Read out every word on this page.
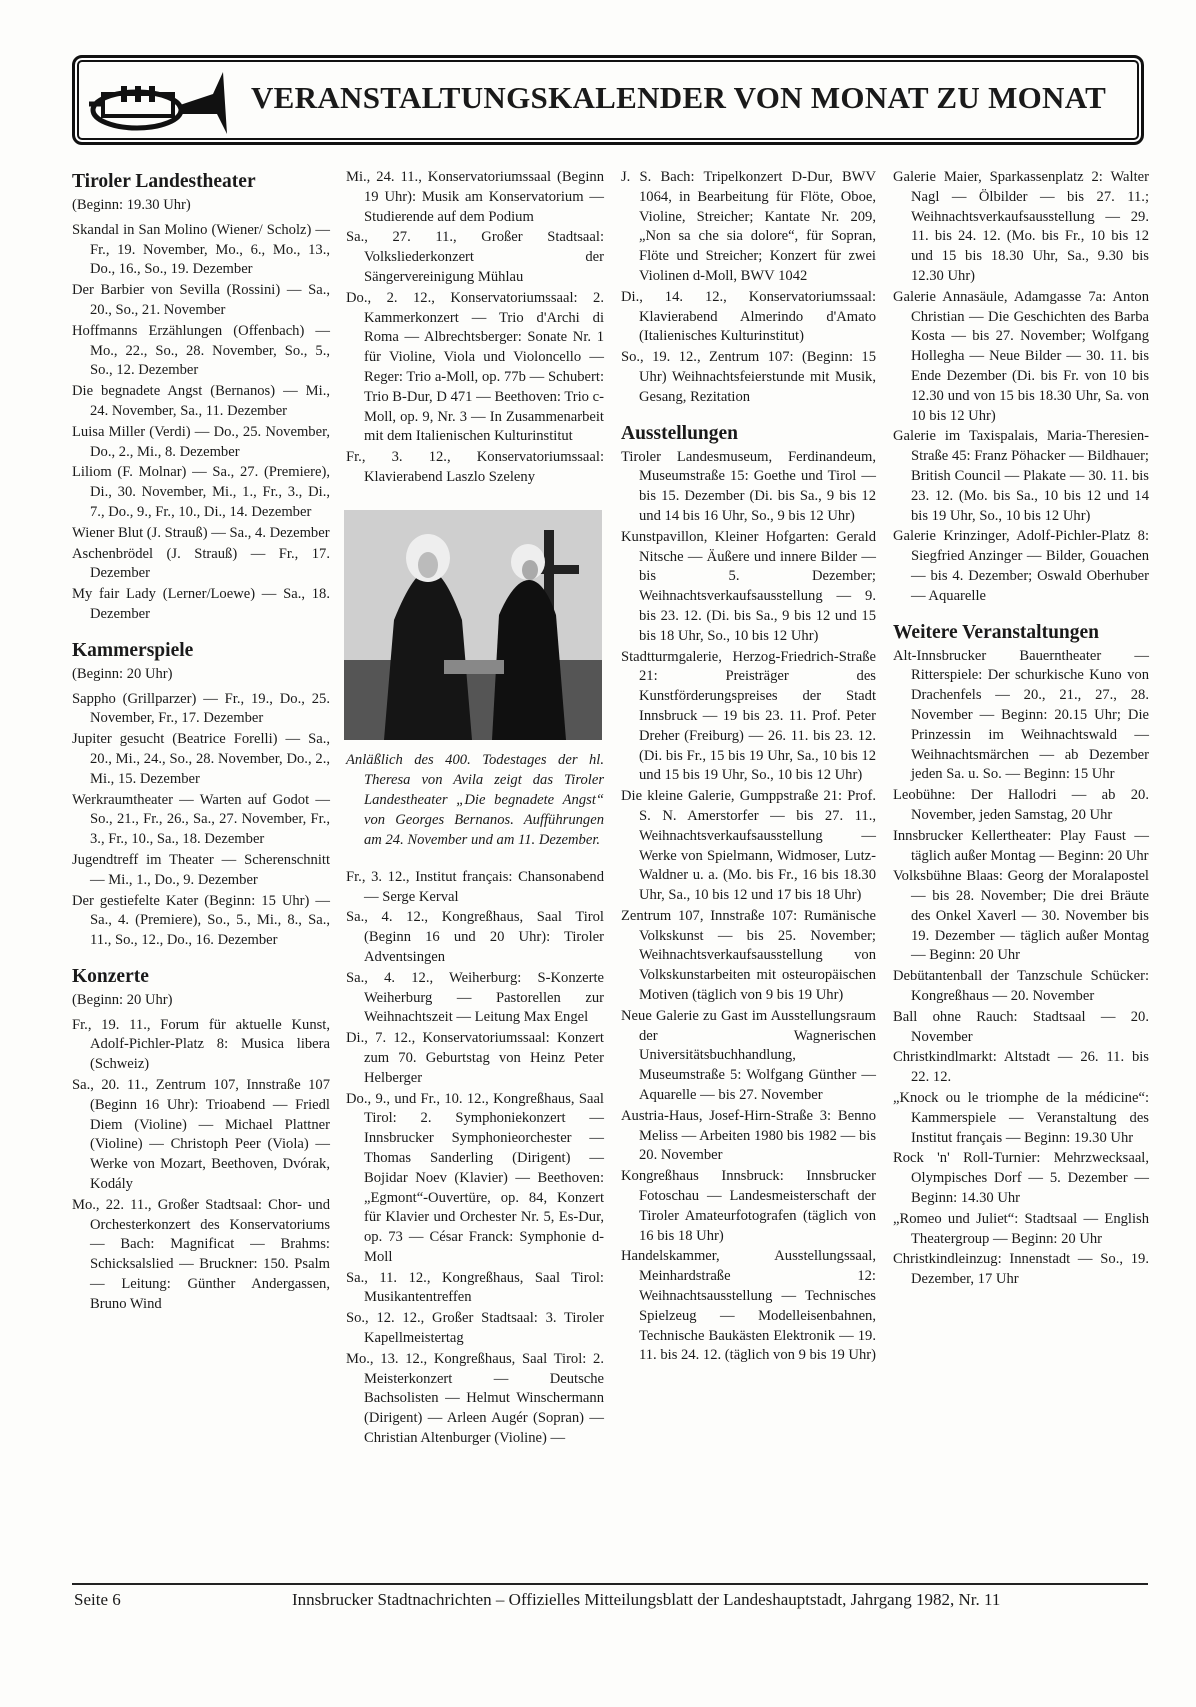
VERANSTALTUNGSKALENDER VON MONAT ZU MONAT
Tiroler Landestheater

(Beginn: 19.30 Uhr)

Skandal in San Molino (Wiener/ Scholz) — Fr., 19. November, Mo., 6., Mo., 13., Do., 16., So., 19. Dezember

Der Barbier von Sevilla (Rossini) — Sa., 20., So., 21. November

Hoffmanns Erzählungen (Offenbach) — Mo., 22., So., 28. November, So., 5., So., 12. Dezember

Die begnadete Angst (Bernanos) — Mi., 24. November, Sa., 11. Dezember

Luisa Miller (Verdi) — Do., 25. November, Do., 2., Mi., 8. Dezember

Liliom (F. Molnar) — Sa., 27. (Premiere), Di., 30. November, Mi., 1., Fr., 3., Di., 7., Do., 9., Fr., 10., Di., 14. Dezember

Wiener Blut (J. Strauß) — Sa., 4. Dezember

Aschenbrödel (J. Strauß) — Fr., 17. Dezember

My fair Lady (Lerner/Loewe) — Sa., 18. Dezember

Kammerspiele

(Beginn: 20 Uhr)

Sappho (Grillparzer) — Fr., 19., Do., 25. November, Fr., 17. Dezember

Jupiter gesucht (Beatrice Forelli) — Sa., 20., Mi., 24., So., 28. November, Do., 2., Mi., 15. Dezember

Werkraumtheater — Warten auf Godot — So., 21., Fr., 26., Sa., 27. November, Fr., 3., Fr., 10., Sa., 18. Dezember

Jugendtreff im Theater — Scherenschnitt — Mi., 1., Do., 9. Dezember

Der gestiefelte Kater (Beginn: 15 Uhr) — Sa., 4. (Premiere), So., 5., Mi., 8., Sa., 11., So., 12., Do., 16. Dezember

Konzerte

(Beginn: 20 Uhr)

Fr., 19. 11., Forum für aktuelle Kunst, Adolf-Pichler-Platz 8: Musica libera (Schweiz)

Sa., 20. 11., Zentrum 107, Innstraße 107 (Beginn 16 Uhr): Trioabend — Friedl Diem (Violine) — Michael Plattner (Violine) — Christoph Peer (Viola) — Werke von Mozart, Beethoven, Dvórak, Kodály

Mo., 22. 11., Großer Stadtsaal: Chor- und Orchesterkonzert des Konservatoriums — Bach: Magnificat — Brahms: Schicksalslied — Bruckner: 150. Psalm — Leitung: Günther Andergassen, Bruno Wind

Mi., 24. 11., Konservatoriumssaal (Beginn 19 Uhr): Musik am Konservatorium — Studierende auf dem Podium

Sa., 27. 11., Großer Stadtsaal: Volksliederkonzert der Sängervereinigung Mühlau

Do., 2. 12., Konservatoriumssaal: 2. Kammerkonzert — Trio d'Archi di Roma — Albrechtsberger: Sonate Nr. 1 für Violine, Viola und Violoncello — Reger: Trio a-Moll, op. 77b — Schubert: Trio B-Dur, D 471 — Beethoven: Trio c-Moll, op. 9, Nr. 3 — In Zusammenarbeit mit dem Italienischen Kulturinstitut

Fr., 3. 12., Konservatoriumssaal: Klavierabend Laszlo Szeleny

Anläßlich des 400. Todestages der hl. Theresa von Avila zeigt das Tiroler Landestheater „Die begnadete Angst“ von Georges Bernanos. Aufführungen am 24. November und am 11. Dezember.

Fr., 3. 12., Institut français: Chansonabend — Serge Kerval

Sa., 4. 12., Kongreßhaus, Saal Tirol (Beginn 16 und 20 Uhr): Tiroler Adventsingen

Sa., 4. 12., Weiherburg: S-Konzerte Weiherburg — Pastorellen zur Weihnachtszeit — Leitung Max Engel

Di., 7. 12., Konservatoriumssaal: Konzert zum 70. Geburtstag von Heinz Peter Helberger

Do., 9., und Fr., 10. 12., Kongreßhaus, Saal Tirol: 2. Symphoniekonzert — Innsbrucker Symphonieorchester — Thomas Sanderling (Dirigent) — Bojidar Noev (Klavier) — Beethoven: „Egmont“-Ouvertüre, op. 84, Konzert für Klavier und Orchester Nr. 5, Es-Dur, op. 73 — César Franck: Symphonie d-Moll

Sa., 11. 12., Kongreßhaus, Saal Tirol: Musikantentreffen

So., 12. 12., Großer Stadtsaal: 3. Tiroler Kapellmeistertag

Mo., 13. 12., Kongreßhaus, Saal Tirol: 2. Meisterkonzert — Deutsche Bachsolisten — Helmut Winschermann (Dirigent) — Arleen Augér (Sopran) — Christian Altenburger (Violine) —

J. S. Bach: Tripelkonzert D-Dur, BWV 1064, in Bearbeitung für Flöte, Oboe, Violine, Streicher; Kantate Nr. 209, „Non sa che sia dolore“, für Sopran, Flöte und Streicher; Konzert für zwei Violinen d-Moll, BWV 1042

Di., 14. 12., Konservatoriumssaal: Klavierabend Almerindo d'Amato (Italienisches Kulturinstitut)

So., 19. 12., Zentrum 107: (Beginn: 15 Uhr) Weihnachtsfeierstunde mit Musik, Gesang, Rezitation

Ausstellungen

Tiroler Landesmuseum, Ferdinandeum, Museumstraße 15: Goethe und Tirol — bis 15. Dezember (Di. bis Sa., 9 bis 12 und 14 bis 16 Uhr, So., 9 bis 12 Uhr)

Kunstpavillon, Kleiner Hofgarten: Gerald Nitsche — Äußere und innere Bilder — bis 5. Dezember; Weihnachtsverkaufsausstellung — 9. bis 23. 12. (Di. bis Sa., 9 bis 12 und 15 bis 18 Uhr, So., 10 bis 12 Uhr)

Stadtturmgalerie, Herzog-Friedrich-Straße 21: Preisträger des Kunstförderungspreises der Stadt Innsbruck — 19 bis 23. 11. Prof. Peter Dreher (Freiburg) — 26. 11. bis 23. 12. (Di. bis Fr., 15 bis 19 Uhr, Sa., 10 bis 12 und 15 bis 19 Uhr, So., 10 bis 12 Uhr)

Die kleine Galerie, Gumppstraße 21: Prof. S. N. Amerstorfer — bis 27. 11., Weihnachtsverkaufsausstellung — Werke von Spielmann, Widmoser, Lutz-Waldner u. a. (Mo. bis Fr., 16 bis 18.30 Uhr, Sa., 10 bis 12 und 17 bis 18 Uhr)

Zentrum 107, Innstraße 107: Rumänische Volkskunst — bis 25. November; Weihnachtsverkaufsausstellung von Volkskunstarbeiten mit osteuropäischen Motiven (täglich von 9 bis 19 Uhr)

Neue Galerie zu Gast im Ausstellungsraum der Wagnerischen Universitätsbuchhandlung, Museumstraße 5: Wolfgang Günther — Aquarelle — bis 27. November

Austria-Haus, Josef-Hirn-Straße 3: Benno Meliss — Arbeiten 1980 bis 1982 — bis 20. November

Kongreßhaus Innsbruck: Innsbrucker Fotoschau — Landesmeisterschaft der Tiroler Amateurfotografen (täglich von 16 bis 18 Uhr)

Handelskammer, Ausstellungssaal, Meinhardstraße 12: Weihnachtsausstellung — Technisches Spielzeug — Modelleisenbahnen, Technische Baukästen Elektronik — 19. 11. bis 24. 12. (täglich von 9 bis 19 Uhr)

Galerie Maier, Sparkassenplatz 2: Walter Nagl — Ölbilder — bis 27. 11.; Weihnachtsverkaufsausstellung — 29. 11. bis 24. 12. (Mo. bis Fr., 10 bis 12 und 15 bis 18.30 Uhr, Sa., 9.30 bis 12.30 Uhr)

Galerie Annasäule, Adamgasse 7a: Anton Christian — Die Geschichten des Barba Kosta — bis 27. November; Wolfgang Hollegha — Neue Bilder — 30. 11. bis Ende Dezember (Di. bis Fr. von 10 bis 12.30 und von 15 bis 18.30 Uhr, Sa. von 10 bis 12 Uhr)

Galerie im Taxispalais, Maria-Theresien-Straße 45: Franz Pöhacker — Bildhauer; British Council — Plakate — 30. 11. bis 23. 12. (Mo. bis Sa., 10 bis 12 und 14 bis 19 Uhr, So., 10 bis 12 Uhr)

Galerie Krinzinger, Adolf-Pichler-Platz 8: Siegfried Anzinger — Bilder, Gouachen — bis 4. Dezember; Oswald Oberhuber — Aquarelle

Weitere Veranstaltungen

Alt-Innsbrucker Bauerntheater — Ritterspiele: Der schurkische Kuno von Drachenfels — 20., 21., 27., 28. November — Beginn: 20.15 Uhr; Die Prinzessin im Weihnachtswald — Weihnachtsmärchen — ab Dezember jeden Sa. u. So. — Beginn: 15 Uhr

Leobühne: Der Hallodri — ab 20. November, jeden Samstag, 20 Uhr

Innsbrucker Kellertheater: Play Faust — täglich außer Montag — Beginn: 20 Uhr

Volksbühne Blaas: Georg der Moralapostel — bis 28. November; Die drei Bräute des Onkel Xaverl — 30. November bis 19. Dezember — täglich außer Montag — Beginn: 20 Uhr

Debütantenball der Tanzschule Schücker: Kongreßhaus — 20. November

Ball ohne Rauch: Stadtsaal — 20. November

Christkindlmarkt: Altstadt — 26. 11. bis 22. 12.

„Knock ou le triomphe de la médicine“: Kammerspiele — Veranstaltung des Institut français — Beginn: 19.30 Uhr

Rock 'n' Roll-Turnier: Mehrzwecksaal, Olympisches Dorf — 5. Dezember — Beginn: 14.30 Uhr

„Romeo und Juliet“: Stadtsaal — English Theatergroup — Beginn: 20 Uhr

Christkindleinzug: Innenstadt — So., 19. Dezember, 17 Uhr

Seite 6	Innsbrucker Stadtnachrichten – Offizielles Mitteilungsblatt der Landeshauptstadt, Jahrgang 1982, Nr. 11
